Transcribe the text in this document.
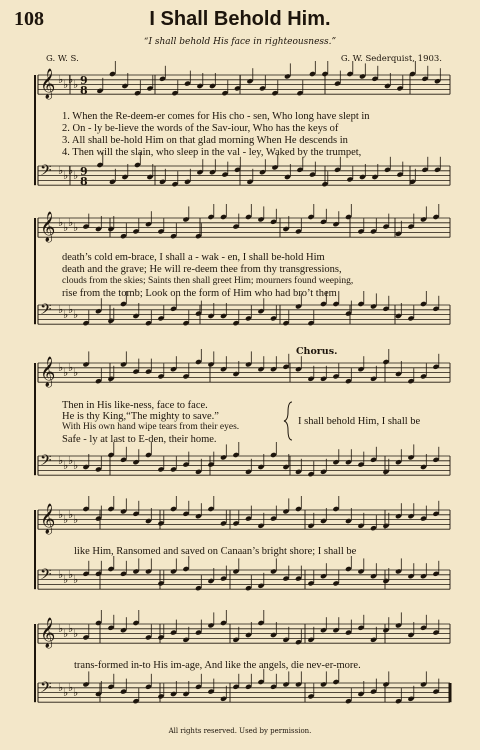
108	I Shall Behold Him.
“I shall behold His face in righteousness.”
G. W. S.	G. W. Sederquist, 1903.
𝄞 ♭ ♭ ♭ ♭ 9
8
𝄢 ♭ ♭ ♭ ♭ 9
8
𝄞 ♭ ♭ ♭ ♭
𝄢 ♭ ♭ ♭ ♭
𝄞 ♭ ♭ ♭ ♭
𝄢 ♭ ♭ ♭ ♭
𝄞 ♭ ♭ ♭ ♭
𝄢 ♭ ♭ ♭ ♭
𝄞 ♭ ♭ ♭ ♭
𝄢 ♭ ♭ ♭ ♭
1. When the Re-deem-er comes for His cho - sen, Who long have slept in
2. On - ly be-lieve the words of the Sav-iour, Who has the keys of
3. All shall be-hold Him on that glad morning When He descends in
4. Then will the slain, who sleep in the val - ley, Waked by the trumpet,
death’s cold em-brace, I shall a - wak - en, I shall be-hold Him
death and the grave; He will re-deem thee from thy transgressions,
clouds from the skies; Saints then shall greet Him; mourners found weeping,
rise from the tomb; Look on the form of Him who had bro’t them
Chorus.
Then in His like-ness, face to face.
He is thy King,“The mighty to save.”
With His own hand wipe tears from their eyes.
Safe - ly at last to E-den, their home.
I shall behold Him, I shall be
like Him, Ransomed and saved on Canaan’s bright shore; I shall be
trans-formed in-to His im-age, And like the angels, die nev-er-more.
All rights reserved. Used by permission.
